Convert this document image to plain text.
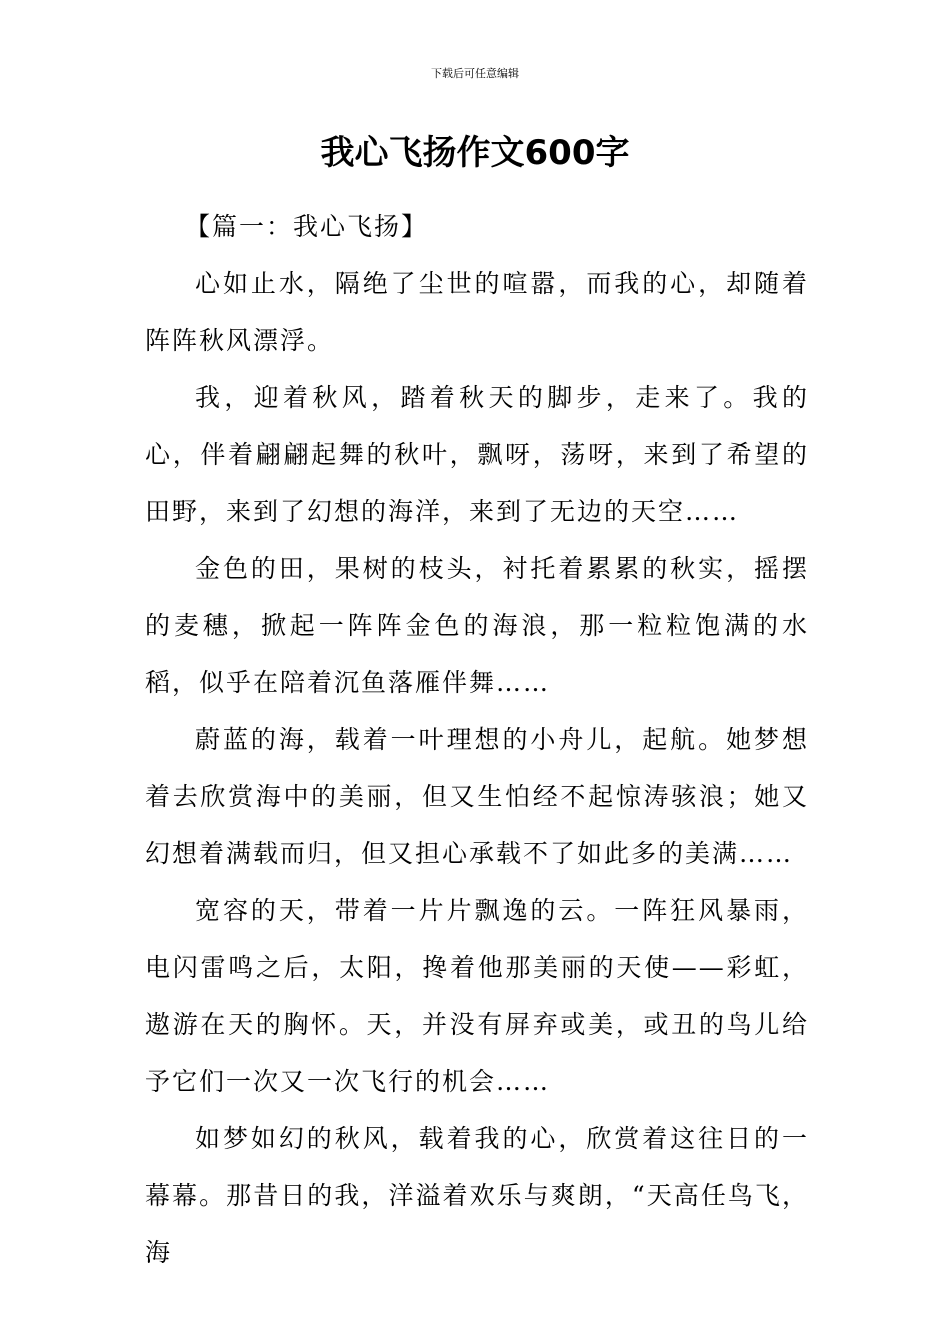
下载后可任意编辑
我心飞扬作文600字

【篇一：我心飞扬】

心如止水，隔绝了尘世的喧嚣，而我的心，却随着阵阵秋风漂浮。

我，迎着秋风，踏着秋天的脚步，走来了。我的心，伴着翩翩起舞的秋叶，飘呀，荡呀，来到了希望的田野，来到了幻想的海洋，来到了无边的天空……

金色的田，果树的枝头，衬托着累累的秋实，摇摆的麦穗，掀起一阵阵金色的海浪，那一粒粒饱满的水稻，似乎在陪着沉鱼落雁伴舞……

蔚蓝的海，载着一叶理想的小舟儿，起航。她梦想着去欣赏海中的美丽，但又生怕经不起惊涛骇浪；她又幻想着满载而归，但又担心承载不了如此多的美满……

宽容的天，带着一片片飘逸的云。一阵狂风暴雨，电闪雷鸣之后，太阳，搀着他那美丽的天使——彩虹，遨游在天的胸怀。天，并没有屏弃或美，或丑的鸟儿给予它们一次又一次飞行的机会……

如梦如幻的秋风，载着我的心，欣赏着这往日的一幕幕。那昔日的我，洋溢着欢乐与爽朗，“天高任鸟飞，海
